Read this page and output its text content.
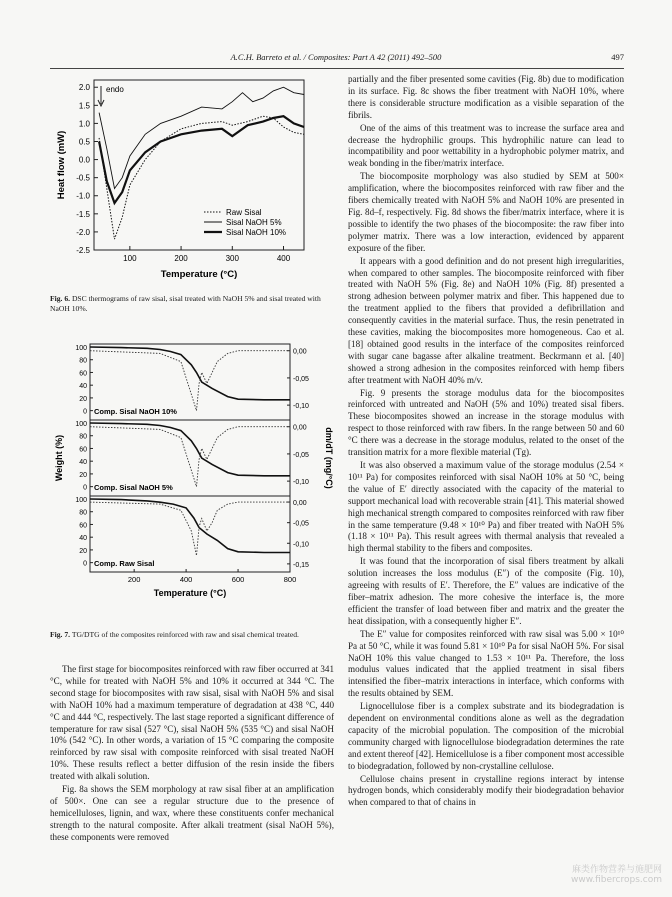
A.C.H. Barreto et al. / Composites: Part A 42 (2011) 492–500	497
-2.5
-2.0
-1.5
-1.0
-0.5
0.0
0.5
1.0
1.5
2.0
100	200	300	400
Temperature (°C)
Heat flow (mW)
endo
Raw Sisal
Sisal NaOH 5%
Sisal NaOH 10%
Fig. 6. DSC thermograms of raw sisal, sisal treated with NaOH 5% and sisal treated with NaOH 10%.
100
80
60
40
20
0
0,00
-0,05
-0,10
Comp. Sisal NaOH 10%
100
80
60
40
20
0
0,00
-0,05
-0,10
Comp. Sisal NaOH 5%
100
80
60
40
20
0
0,00
-0,05
-0,10
-0,15
Comp. Raw Sisal
200	400	600	800
Temperature (°C)
Weight (%)	dm/dT (mg/°C)
Fig. 7. TG/DTG of the composites reinforced with raw and sisal chemical treated.

The first stage for biocomposites reinforced with raw fiber occurred at 341 °C, while for treated with NaOH 5% and 10% it occurred at 344 °C. The second stage for biocomposites with raw sisal, sisal with NaOH 5% and sisal with NaOH 10% had a maximum temperature of degradation at 438 °C, 440 °C and 444 °C, respectively. The last stage reported a significant difference of temperature for raw sisal (527 °C), sisal NaOH 5% (535 °C) and sisal NaOH 10% (542 °C). In other words, a variation of 15 °C comparing the composite reinforced by raw sisal with composite reinforced with sisal treated NaOH 10%. These results reflect a better diffusion of the resin inside the fibers treated with alkali solution.

Fig. 8a shows the SEM morphology at raw sisal fiber at an amplification of 500×. One can see a regular structure due to the presence of hemicelluloses, lignin, and wax, where these constituents confer mechanical strength to the natural composite. After alkali treatment (sisal NaOH 5%), these components were removed

partially and the fiber presented some cavities (Fig. 8b) due to modification in its surface. Fig. 8c shows the fiber treatment with NaOH 10%, where there is considerable structure modification as a visible separation of the fibrils.

One of the aims of this treatment was to increase the surface area and decrease the hydrophilic groups. This hydrophilic nature can lead to incompatibility and poor wettability in a hydrophobic polymer matrix, and weak bonding in the fiber/matrix interface.

The biocomposite morphology was also studied by SEM at 500× amplification, where the biocomposites reinforced with raw fiber and the fibers chemically treated with NaOH 5% and NaOH 10% are presented in Fig. 8d–f, respectively. Fig. 8d shows the fiber/matrix interface, where it is possible to identify the two phases of the biocomposite: the raw fiber into polymer matrix. There was a low interaction, evidenced by apparent exposure of the fiber.

It appears with a good definition and do not present high irregularities, when compared to other samples. The biocomposite reinforced with fiber treated with NaOH 5% (Fig. 8e) and NaOH 10% (Fig. 8f) presented a strong adhesion between polymer matrix and fiber. This happened due to the treatment applied to the fibers that provided a defibrillation and consequently cavities in the material surface. Thus, the resin penetrated in these cavities, making the biocomposites more homogeneous. Cao et al. [18] obtained good results in the interface of the composites reinforced with sugar cane bagasse after alkaline treatment. Beckrmann et al. [40] showed a strong adhesion in the composites reinforced with hemp fibers after treatment with NaOH 40% m/v.

Fig. 9 presents the storage modulus data for the biocomposites reinforced with untreated and NaOH (5% and 10%) treated sisal fibers. These biocomposites showed an increase in the storage modulus with respect to those reinforced with raw fibers. In the range between 50 and 60 °C there was a decrease in the storage modulus, related to the onset of the transition matrix for a more flexible material (Tg).

It was also observed a maximum value of the storage modulus (2.54 × 10¹¹ Pa) for composites reinforced with sisal NaOH 10% at 50 °C, being the value of E′ directly associated with the capacity of the material to support mechanical load with recoverable strain [41]. This material showed high mechanical strength compared to composites reinforced with raw fiber in the same temperature (9.48 × 10¹⁰ Pa) and fiber treated with NaOH 5% (1.18 × 10¹¹ Pa). This result agrees with thermal analysis that revealed a high thermal stability to the fibers and composites.

It was found that the incorporation of sisal fibers treatment by alkali solution increases the loss modulus (E″) of the composite (Fig. 10), agreeing with results of E′. Therefore, the E″ values are indicative of the fiber–matrix adhesion. The more cohesive the interface is, the more efficient the transfer of load between fiber and matrix and the greater the heat dissipation, with a consequently higher E″.

The E″ value for composites reinforced with raw sisal was 5.00 × 10¹⁰ Pa at 50 °C, while it was found 5.81 × 10¹⁰ Pa for sisal NaOH 5%. For sisal NaOH 10% this value changed to 1.53 × 10¹¹ Pa. Therefore, the loss modulus values indicated that the applied treatment in sisal fibers intensified the fiber–matrix interactions in interface, which conforms with the results obtained by SEM.

Lignocellulose fiber is a complex substrate and its biodegradation is dependent on environmental conditions alone as well as the degradation capacity of the microbial population. The composition of the microbial community charged with lignocellulose biodegradation determines the rate and extent thereof [42]. Hemicellulose is a fiber component most accessible to biodegradation, followed by non-crystalline cellulose.

Cellulose chains present in crystalline regions interact by intense hydrogen bonds, which considerably modify their biodegradation behavior when compared to that of chains in

麻类作物营养与施肥网
www.fibercrops.com
